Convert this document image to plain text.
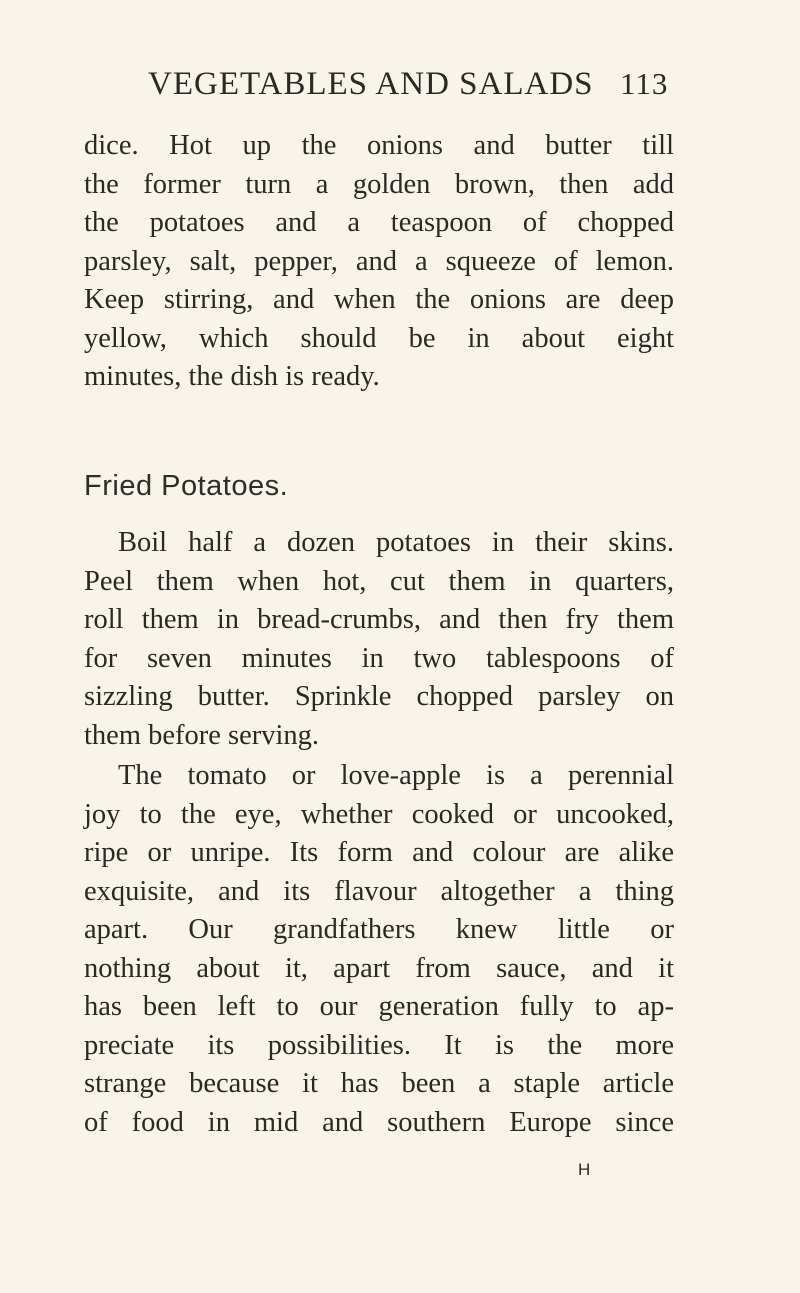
VEGETABLES AND SALADS 113
dice. Hot up the onions and butter till
the former turn a golden brown, then add
the potatoes and a teaspoon of chopped
parsley, salt, pepper, and a squeeze of lemon.
Keep stirring, and when the onions are deep
yellow, which should be in about eight
minutes, the dish is ready.
Fried Potatoes.
Boil half a dozen potatoes in their skins.
Peel them when hot, cut them in quarters,
roll them in bread-crumbs, and then fry them
for seven minutes in two tablespoons of
sizzling butter. Sprinkle chopped parsley on
them before serving.
The tomato or love-apple is a perennial
joy to the eye, whether cooked or uncooked,
ripe or unripe. Its form and colour are alike
exquisite, and its flavour altogether a thing
apart. Our grandfathers knew little or
nothing about it, apart from sauce, and it
has been left to our generation fully to ap-
preciate its possibilities. It is the more
strange because it has been a staple article
of food in mid and southern Europe since
H
